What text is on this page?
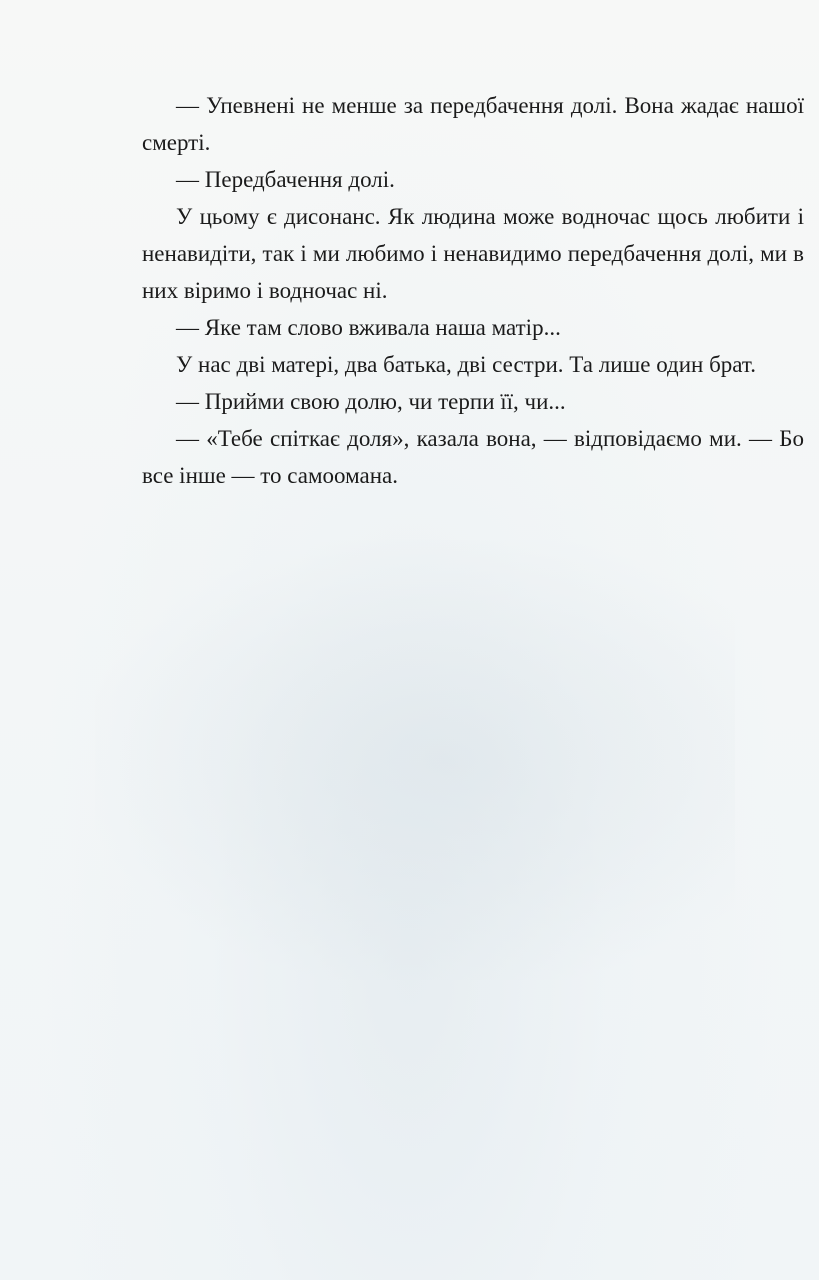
— Упевнені не менше за передбачення долі. Вона жадає нашої смерті.

— Передбачення долі.

У цьому є дисонанс. Як людина може водночас щось любити і ненавидіти, так і ми любимо і ненавидимо передбачення долі, ми в них віримо і водночас ні.

— Яке там слово вживала наша матір...

У нас дві матері, два батька, дві сестри. Та лише один брат.

— Прийми свою долю, чи терпи її, чи...

— «Тебе спіткає доля», казала вона, — відповідаємо ми. — Бо все інше — то самоомана.
